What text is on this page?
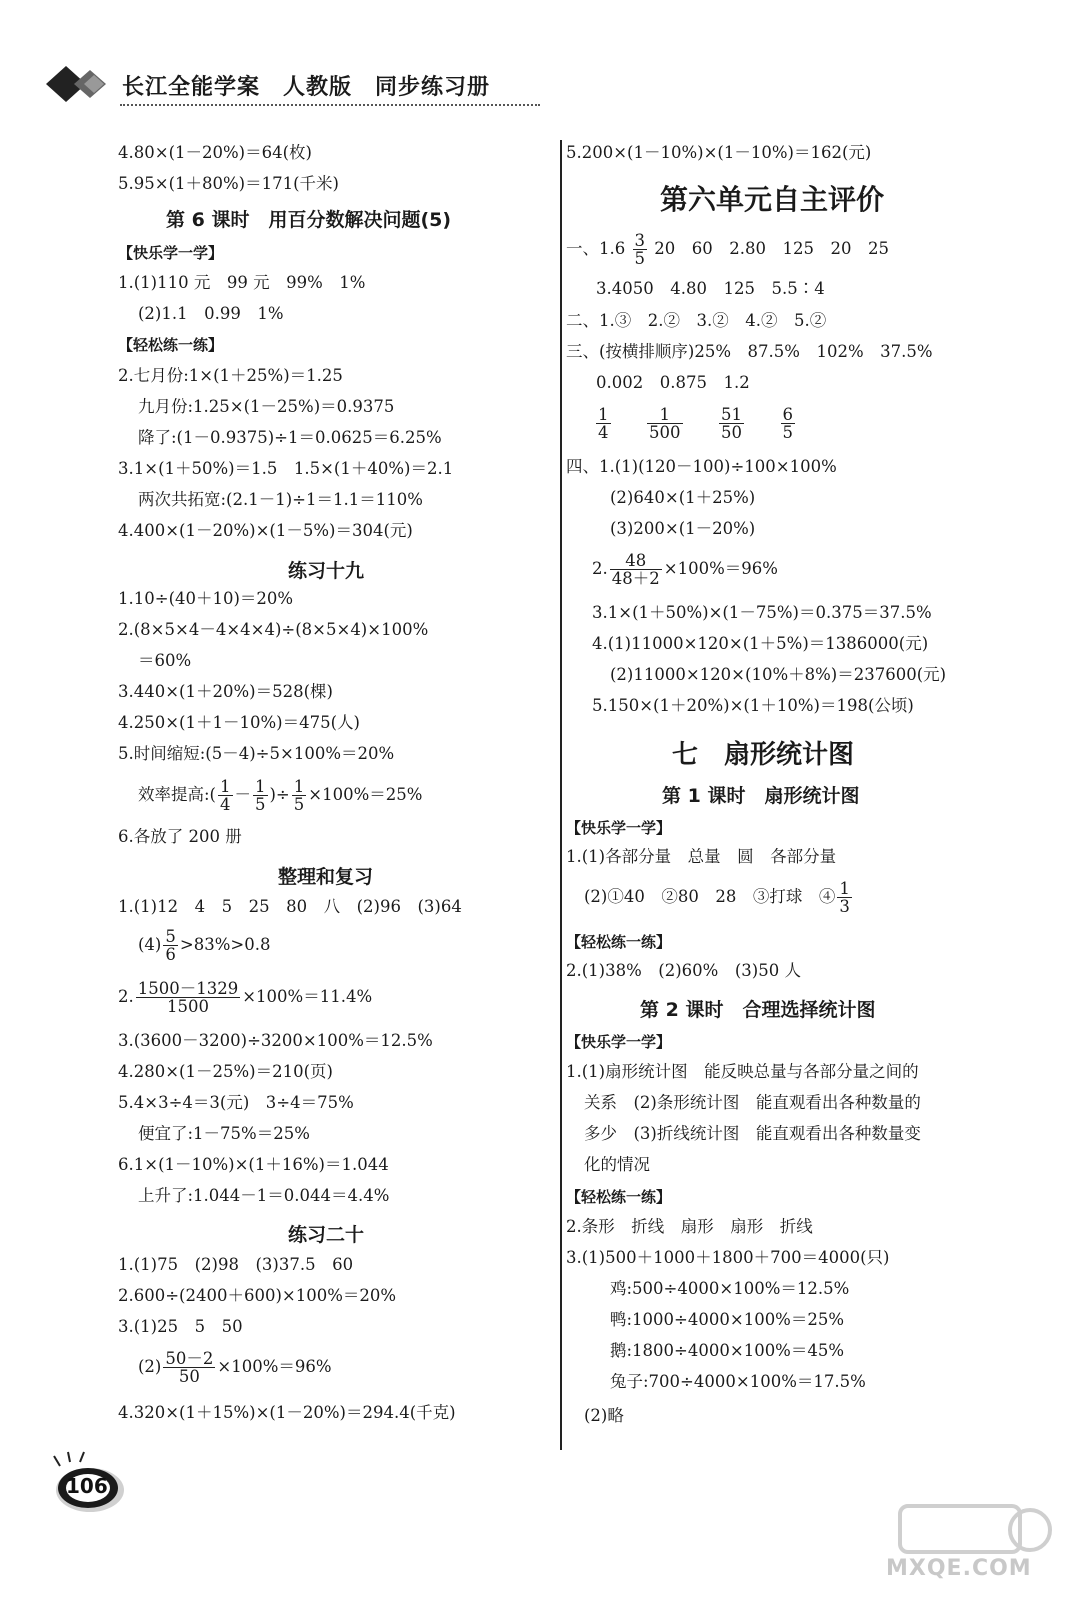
长江全能学案　人教版　同步练习册
4.80×(1－20%)＝64(枚)
5.95×(1＋80%)＝171(千米)
第 6 课时　用百分数解决问题(5)
【快乐学一学】
1.(1)110 元　99 元　99%　1%
(2)1.1　0.99　1%
【轻松练一练】
2.七月份:1×(1＋25%)＝1.25
九月份:1.25×(1－25%)＝0.9375
降了:(1－0.9375)÷1＝0.0625＝6.25%
3.1×(1＋50%)＝1.5　1.5×(1＋40%)＝2.1
两次共拓宽:(2.1－1)÷1＝1.1＝110%
4.400×(1－20%)×(1－5%)＝304(元)
练习十九
1.10÷(40＋10)＝20%
2.(8×5×4－4×4×4)÷(8×5×4)×100%
＝60%
3.440×(1＋20%)＝528(棵)
4.250×(1＋1－10%)＝475(人)
5.时间缩短:(5－4)÷5×100%＝20%
效率提高:( $\frac{1}{4} - \frac{1}{5}$ )÷ $\frac{1}{5} \times 100\%=25\%$
6.各放了 200 册
整理和复习
1.(1)12　4　5　25　80　八　(2)96　(3)64
$(4) \frac{5}{6} >83\%>0.8$
2. $\frac{1500-1329}{1500} \times 100\%=11.4\%$
3.(3600－3200)÷3200×100%＝12.5%
4.280×(1－25%)＝210(页)
5.4×3÷4＝3(元)　3÷4＝75%
便宜了:1－75%＝25%
6.1×(1－10%)×(1＋16%)＝1.044
上升了:1.044－1＝0.044＝4.4%
练习二十
1.(1)75　(2)98　(3)37.5　60
2.600÷(2400＋600)×100%＝20%
3.(1)25　5　50
$(2) \frac{50-2}{50} \times 100\%=96\%$
4.320×(1＋15%)×(1－20%)＝294.4(千克)
5.200×(1－10%)×(1－10%)＝162(元)
第六单元自主评价
一、$1.6 \frac{3}{5} 20$　60　2.80　125　20　25
3.4050　4.80　125　5.5∶4
二、1.③　2.②　3.②　4.②　5.②
三、(按横排顺序)25%　87.5%　102%　37.5%
0.002　0.875　1.2
$\frac{1}{4}$
$\frac{1}{500}$
$\frac{51}{50}$
$\frac{6}{5}$
四、1.(1)(120－100)÷100×100%
(2)640×(1＋25%)
(3)200×(1－20%)
2. $\frac{48}{48+2} \times 100\%=96\%$
3.1×(1＋50%)×(1－75%)＝0.375＝37.5%
4.(1)11000×120×(1＋5%)＝1386000(元)
(2)11000×120×(10%＋8%)＝237600(元)
5.150×(1＋20%)×(1＋10%)＝198(公顷)
七　扇形统计图
第 1 课时　扇形统计图
【快乐学一学】
1.(1)各部分量　总量　圆　各部分量
(2)①40　②80　28　③打球　④ $\frac{1}{3}$
【轻松练一练】
2.(1)38%　(2)60%　(3)50 人
第 2 课时　合理选择统计图
【快乐学一学】
1.(1)扇形统计图　能反映总量与各部分量之间的
关系　(2)条形统计图　能直观看出各种数量的
多少　(3)折线统计图　能直观看出各种数量变
化的情况
【轻松练一练】
2.条形　折线　扇形　扇形　折线
3.(1)500＋1000＋1800＋700＝4000(只)
鸡:500÷4000×100%＝12.5%
鸭:1000÷4000×100%＝25%
鹅:1800÷4000×100%＝45%
兔子:700÷4000×100%＝17.5%
(2)略
106
MXQE.COM
